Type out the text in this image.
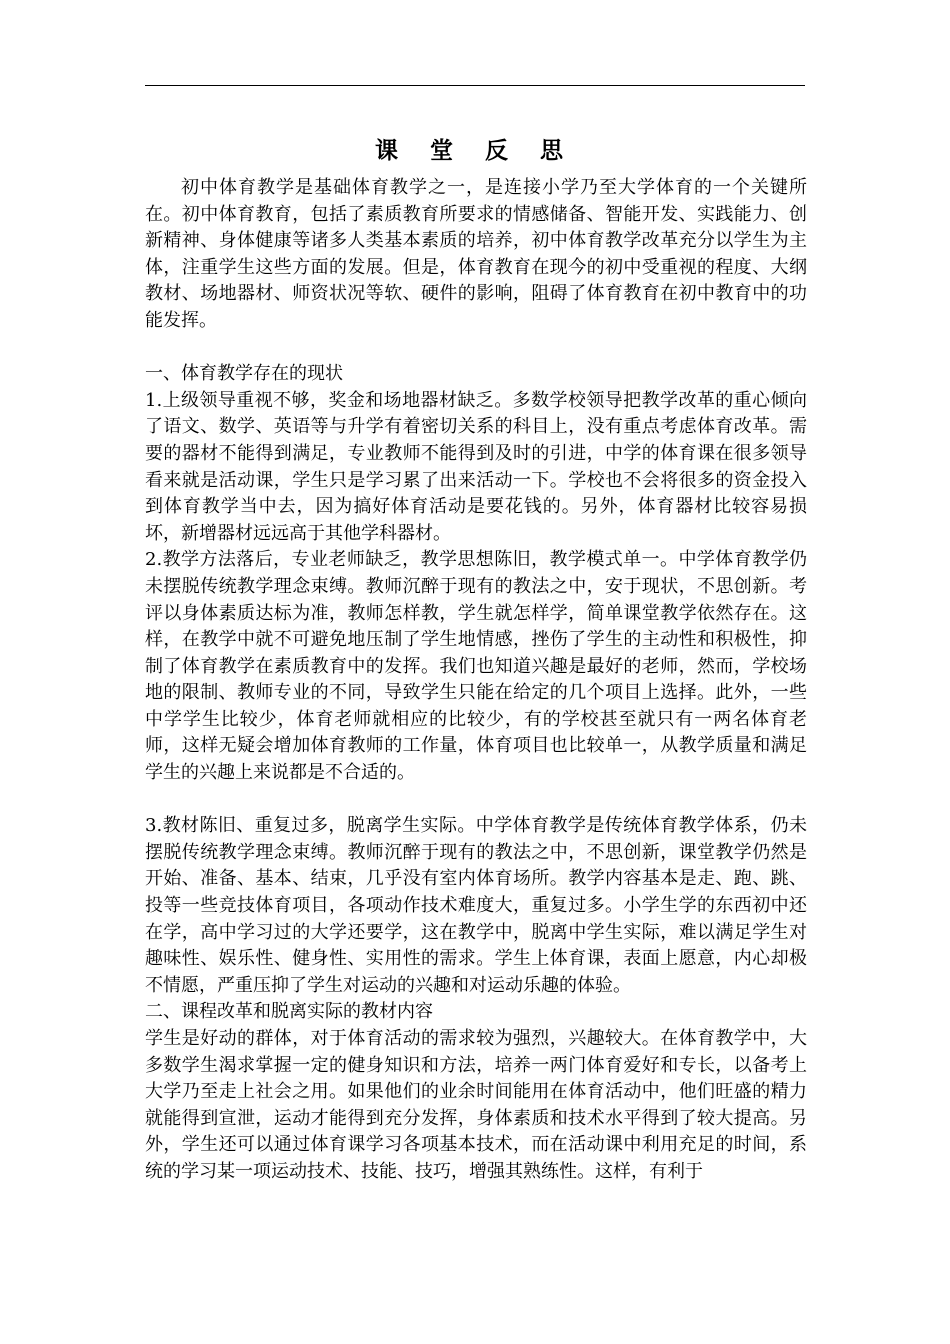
课 堂 反 思

初中体育教学是基础体育教学之一，是连接小学乃至大学体育的一个关键所在。初中体育教育，包括了素质教育所要求的情感储备、智能开发、实践能力、创新精神、身体健康等诸多人类基本素质的培养，初中体育教学改革充分以学生为主体，注重学生这些方面的发展。但是，体育教育在现今的初中受重视的程度、大纲教材、场地器材、师资状况等软、硬件的影响，阻碍了体育教育在初中教育中的功能发挥。

一、体育教学存在的现状

1.上级领导重视不够，奖金和场地器材缺乏。多数学校领导把教学改革的重心倾向了语文、数学、英语等与升学有着密切关系的科目上，没有重点考虑体育改革。需要的器材不能得到满足，专业教师不能得到及时的引进，中学的体育课在很多领导看来就是活动课，学生只是学习累了出来活动一下。学校也不会将很多的资金投入到体育教学当中去，因为搞好体育活动是要花钱的。另外，体育器材比较容易损坏，新增器材远远高于其他学科器材。

2.教学方法落后，专业老师缺乏，教学思想陈旧，教学模式单一。中学体育教学仍未摆脱传统教学理念束缚。教师沉醉于现有的教法之中，安于现状，不思创新。考评以身体素质达标为准，教师怎样教，学生就怎样学，简单课堂教学依然存在。这样，在教学中就不可避免地压制了学生地情感，挫伤了学生的主动性和积极性，抑制了体育教学在素质教育中的发挥。我们也知道兴趣是最好的老师，然而，学校场地的限制、教师专业的不同，导致学生只能在给定的几个项目上选择。此外，一些中学学生比较少，体育老师就相应的比较少，有的学校甚至就只有一两名体育老师，这样无疑会增加体育教师的工作量，体育项目也比较单一，从教学质量和满足学生的兴趣上来说都是不合适的。

3.教材陈旧、重复过多，脱离学生实际。中学体育教学是传统体育教学体系，仍未摆脱传统教学理念束缚。教师沉醉于现有的教法之中，不思创新，课堂教学仍然是开始、准备、基本、结束，几乎没有室内体育场所。教学内容基本是走、跑、跳、投等一些竞技体育项目，各项动作技术难度大，重复过多。小学生学的东西初中还在学，高中学习过的大学还要学，这在教学中，脱离中学生实际，难以满足学生对趣味性、娱乐性、健身性、实用性的需求。学生上体育课，表面上愿意，内心却极不情愿，严重压抑了学生对运动的兴趣和对运动乐趣的体验。

二、课程改革和脱离实际的教材内容

学生是好动的群体，对于体育活动的需求较为强烈，兴趣较大。在体育教学中，大多数学生渴求掌握一定的健身知识和方法，培养一两门体育爱好和专长，以备考上大学乃至走上社会之用。如果他们的业余时间能用在体育活动中，他们旺盛的精力就能得到宣泄，运动才能得到充分发挥，身体素质和技术水平得到了较大提高。另外，学生还可以通过体育课学习各项基本技术，而在活动课中利用充足的时间，系统的学习某一项运动技术、技能、技巧，增强其熟练性。这样，有利于
